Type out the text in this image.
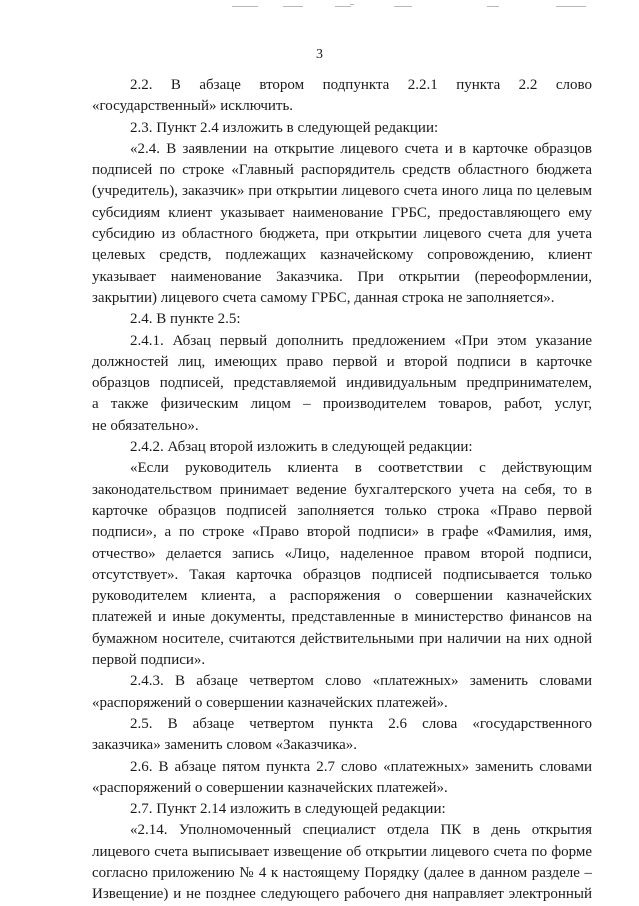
3
2.2. В абзаце втором подпункта 2.2.1 пункта 2.2 слово
«государственный» исключить.
2.3. Пункт 2.4 изложить в следующей редакции:
«2.4. В заявлении на открытие лицевого счета и в карточке образцов
подписей по строке «Главный распорядитель средств областного бюджета
(учредитель), заказчик» при открытии лицевого счета иного лица по целевым
субсидиям клиент указывает наименование ГРБС, предоставляющего ему
субсидию из областного бюджета, при открытии лицевого счета для учета
целевых средств, подлежащих казначейскому сопровождению, клиент
указывает наименование Заказчика. При открытии (переоформлении,
закрытии) лицевого счета самому ГРБС, данная строка не заполняется».
2.4. В пункте 2.5:
2.4.1. Абзац первый дополнить предложением «При этом указание
должностей лиц, имеющих право первой и второй подписи в карточке
образцов подписей, представляемой индивидуальным предпринимателем,
а также физическим лицом – производителем товаров, работ, услуг,
не обязательно».
2.4.2. Абзац второй изложить в следующей редакции:
«Если руководитель клиента в соответствии с действующим
законодательством принимает ведение бухгалтерского учета на себя, то в
карточке образцов подписей заполняется только строка «Право первой
подписи», а по строке «Право второй подписи» в графе «Фамилия, имя,
отчество» делается запись «Лицо, наделенное правом второй подписи,
отсутствует». Такая карточка образцов подписей подписывается только
руководителем клиента, а распоряжения о совершении казначейских
платежей и иные документы, представленные в министерство финансов на
бумажном носителе, считаются действительными при наличии на них одной
первой подписи».
2.4.3. В абзаце четвертом слово «платежных» заменить словами
«распоряжений о совершении казначейских платежей».
2.5. В абзаце четвертом пункта 2.6 слова «государственного
заказчика» заменить словом «Заказчика».
2.6. В абзаце пятом пункта 2.7 слово «платежных» заменить словами
«распоряжений о совершении казначейских платежей».
2.7. Пункт 2.14 изложить в следующей редакции:
«2.14. Уполномоченный специалист отдела ПК в день открытия
лицевого счета выписывает извещение об открытии лицевого счета по форме
согласно приложению № 4 к настоящему Порядку (далее в данном разделе –
Извещение) и не позднее следующего рабочего дня направляет электронный
